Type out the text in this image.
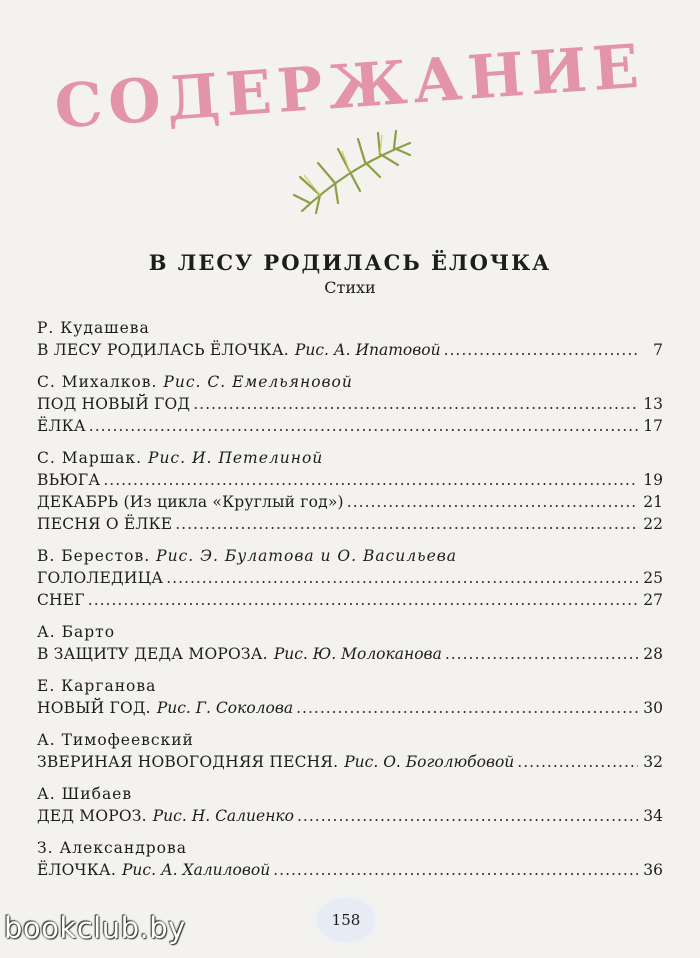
СОДЕРЖАНИЕ
В ЛЕСУ РОДИЛАСЬ ЁЛОЧКА
Стихи
Р. Кудашева
В ЛЕСУ РОДИЛАСЬ ЁЛОЧКА. Рис. А. Ипатовой .....	7
С. Михалков. Рис. С. Емельяновой
ПОД НОВЫЙ ГОД .....	13
ЁЛКА .....	17
С. Маршак. Рис. И. Петелиной
ВЬЮГА .....	19
ДЕКАБРЬ (Из цикла «Круглый год») .....	21
ПЕСНЯ О ЁЛКЕ .....	22
В. Берестов. Рис. Э. Булатова и О. Васильева
ГОЛОЛЕДИЦА .....	25
СНЕГ .....	27
А. Барто
В ЗАЩИТУ ДЕДА МОРОЗА. Рис. Ю. Молоканова .....	28
Е. Карганова
НОВЫЙ ГОД. Рис. Г. Соколова .....	30
А. Тимофеевский
ЗВЕРИНАЯ НОВОГОДНЯЯ ПЕСНЯ. Рис. О. Боголюбовой .....	32
А. Шибаев
ДЕД МОРОЗ. Рис. Н. Салиенко .....	34
З. Александрова
ЁЛОЧКА. Рис. А. Халиловой .....	36
158
bookclub.by
